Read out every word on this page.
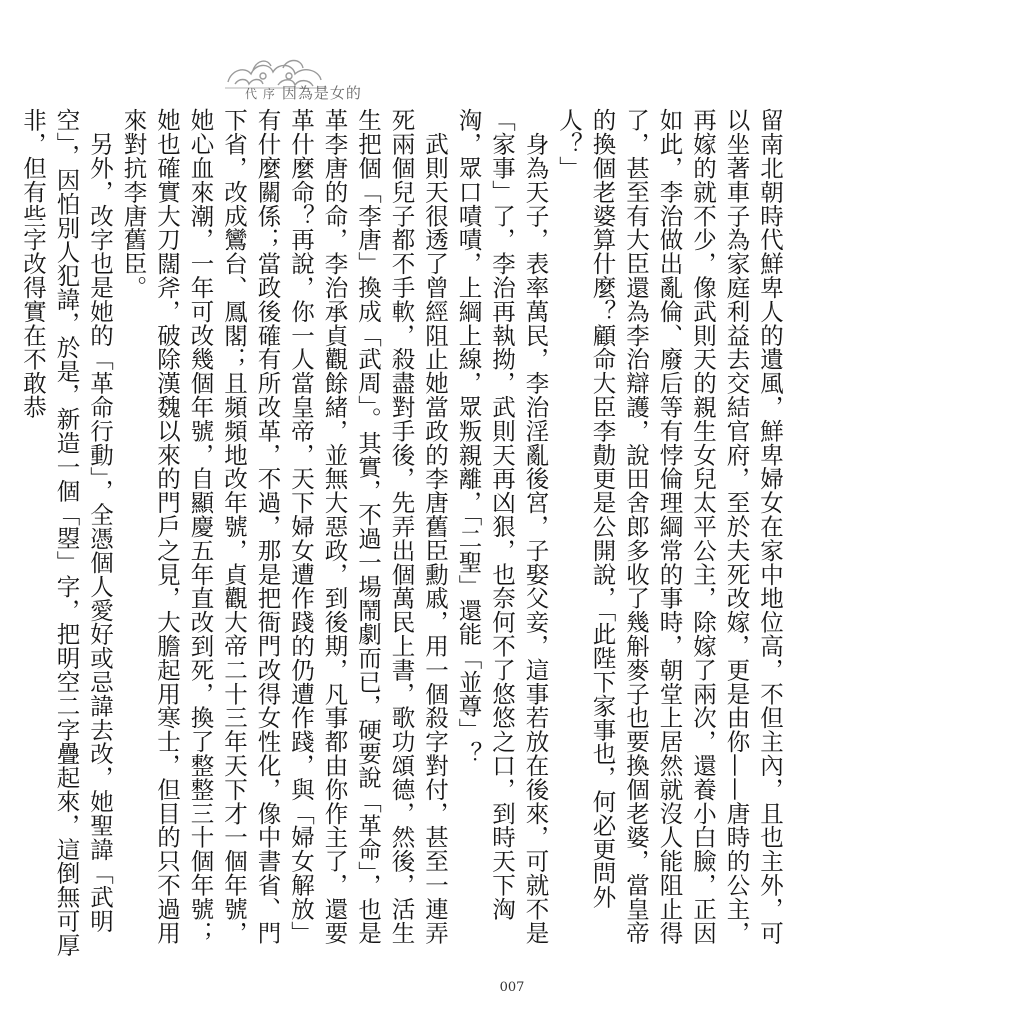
代 序 因為是女的

留南北朝時代鮮卑人的遺風，鮮卑婦女在家中地位高，不但主內，且也主外，可以坐著車子為家庭利益去交結官府，至於夫死改嫁，更是由你——唐時的公主，再嫁的就不少，像武則天的親生女兒太平公主，除嫁了兩次，還養小白臉，正因如此，李治做出亂倫、廢后等有悖倫理綱常的事時，朝堂上居然就沒人能阻止得了，甚至有大臣還為李治辯護，說田舍郎多收了幾斛麥子也要換個老婆，當皇帝的換個老婆算什麼？顧命大臣李勣更是公開說，「此陛下家事也，何必更問外人？」

　身為天子，表率萬民，李治淫亂後宮，子娶父妾，這事若放在後來，可就不是「家事」了，李治再執拗，武則天再凶狠，也奈何不了悠悠之口，到時天下洶洶，眾口嘖嘖，上綱上線，眾叛親離，「二聖」還能「並尊」？

　武則天很透了曾經阻止她當政的李唐舊臣勳戚，用一個殺字對付，甚至一連弄死兩個兒子都不手軟，殺盡對手後，先弄出個萬民上書，歌功頌德，然後，活生生把個「李唐」換成「武周」。其實，不過一場鬧劇而已，硬要說「革命」，也是革李唐的命，李治承貞觀餘緒，並無大惡政，到後期，凡事都由你作主了，還要革什麼命？再說，你一人當皇帝，天下婦女遭作踐的仍遭作踐，與「婦女解放」有什麼關係；當政後確有所改革，不過，那是把衙門改得女性化，像中書省、門下省，改成鸞台、鳳閣；且頻頻地改年號，貞觀大帝二十三年天下才一個年號，她心血來潮，一年可改幾個年號，自顯慶五年直改到死，換了整整三十個年號；她也確實大刀闊斧，破除漢魏以來的門戶之見，大膽起用寒士，但目的只不過用來對抗李唐舊臣。

　另外，改字也是她的「革命行動」，全憑個人愛好或忌諱去改，她聖諱「武明空」，因怕別人犯諱，於是，新造一個「曌」字，把明空二字疊起來，這倒無可厚非，但有些字改得實在不敢恭

007
